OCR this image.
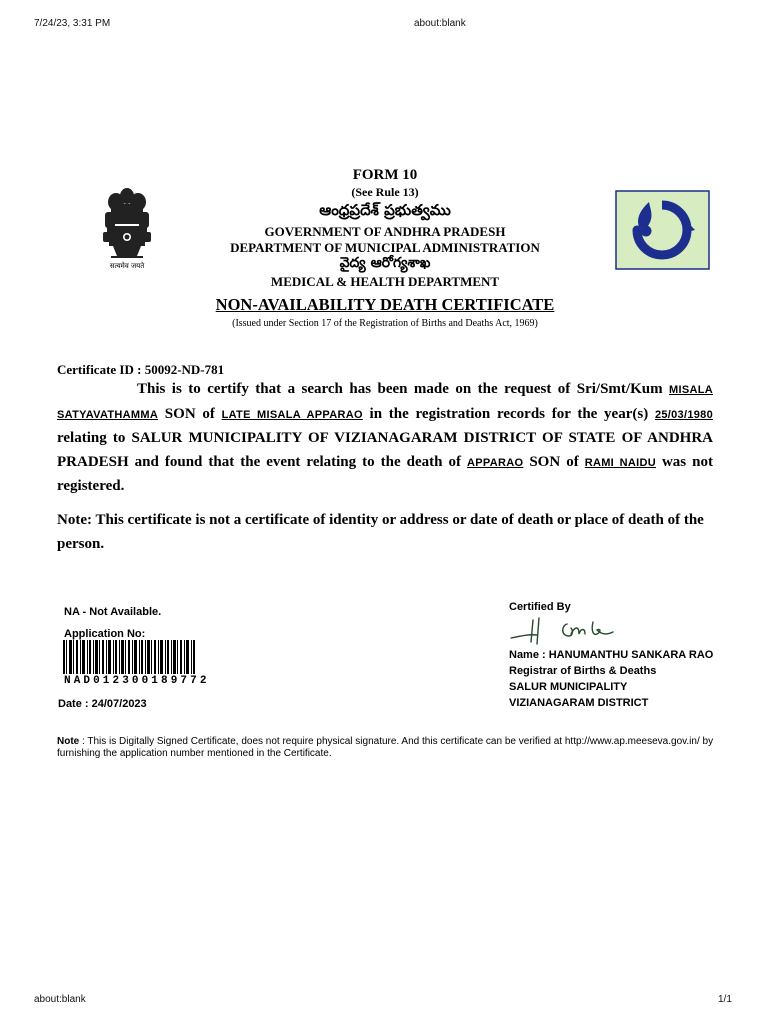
7/24/23, 3:31 PM	about:blank
सत्यमेव जयते
FORM 10
(See Rule 13)
ఆంధ్రప్రదేశ్ ప్రభుత్వము
GOVERNMENT OF ANDHRA PRADESH
DEPARTMENT OF MUNICIPAL ADMINISTRATION
వైద్య ఆరోగ్యశాఖ
MEDICAL & HEALTH DEPARTMENT
NON-AVAILABILITY DEATH CERTIFICATE
(Issued under Section 17 of the Registration of Births and Deaths Act, 1969)
Certificate ID : 50092-ND-781
This is to certify that a search has been made on the request of Sri/Smt/Kum MISALA SATYAVATHAMMA SON of LATE MISALA APPARAO in the registration records for the year(s) 25/03/1980 relating to SALUR MUNICIPALITY OF VIZIANAGARAM DISTRICT OF STATE OF ANDHRA PRADESH and found that the event relating to the death of APPARAO SON of RAMI NAIDU was not registered.
Note: This certificate is not a certificate of identity or address or date of death or place of death of the person.
NA - Not Available.
Application No:
NAD012300189772
Date : 24/07/2023
Certified By
Name : HANUMANTHU SANKARA RAO
Registrar of Births & Deaths
SALUR MUNICIPALITY
VIZIANAGARAM DISTRICT
Note : This is Digitally Signed Certificate, does not require physical signature. And this certificate can be verified at http://www.ap.meeseva.gov.in/ by furnishing the application number mentioned in the Certificate.
about:blank	1/1
